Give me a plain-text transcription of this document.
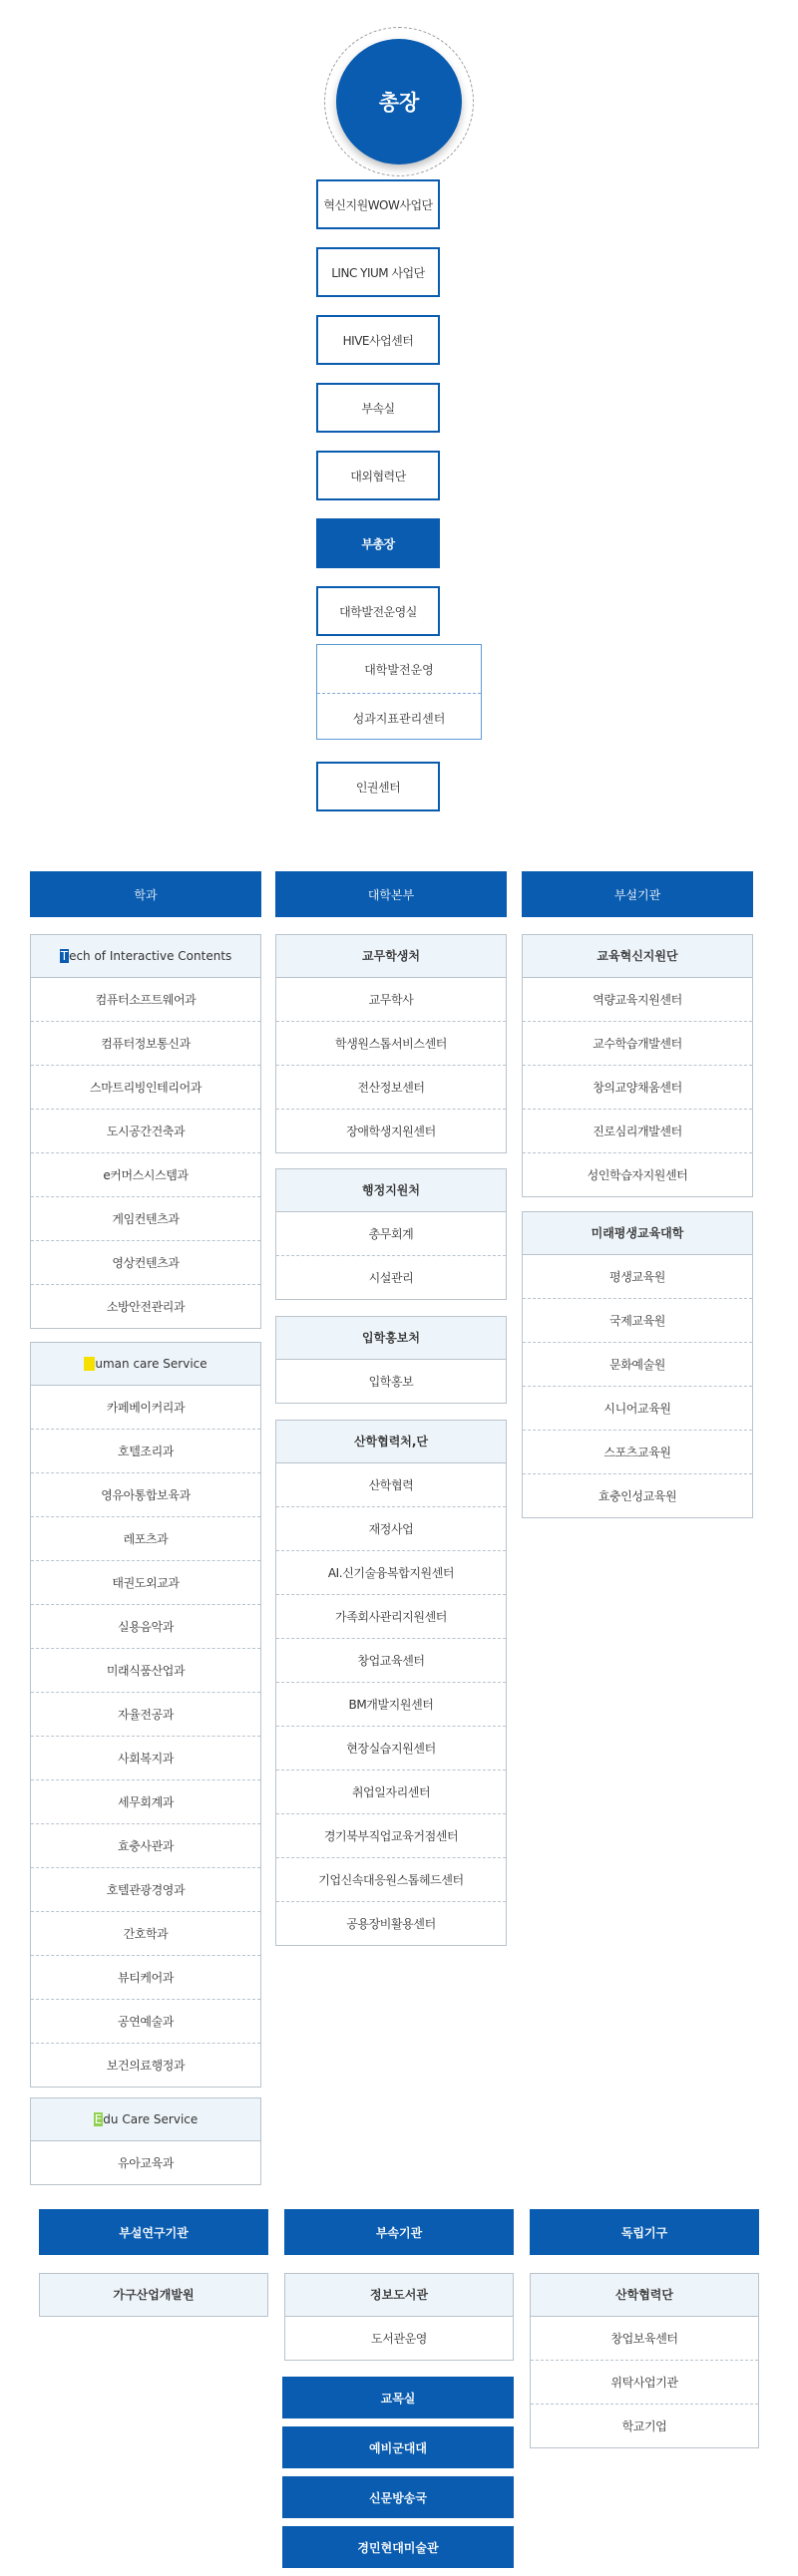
총장
혁신지원WOW사업단
LINC YIUM 사업단
HIVE사업센터
부속실
대외협력단
부총장
대학발전운영실
대학발전운영
성과지표관리센터
인권센터
학과	대학본부	부설기관
Tech of Interactive Contents
컴퓨터소프트웨어과
컴퓨터정보통신과
스마트리빙인테리어과
도시공간건축과
e커머스시스템과
게임컨텐츠과
영상컨텐츠과
소방안전관리과
Human care Service
카페베이커리과
호텔조리과
영유아통합보육과
레포츠과
태권도외교과
실용음악과
미래식품산업과
자율전공과
사회복지과
세무회계과
효충사관과
호텔관광경영과
간호학과
뷰티케어과
공연예술과
보건의료행정과
Edu Care Service
유아교육과
교무학생처
교무학사
학생원스톱서비스센터
전산정보센터
장애학생지원센터
행정지원처
총무회계
시설관리
입학홍보처
입학홍보
산학협력처,단
산학협력
재정사업
AI.신기술융복합지원센터
가족회사관리지원센터
창업교육센터
BM개발지원센터
현장실습지원센터
취업일자리센터
경기북부직업교육거점센터
기업신속대응원스톱헤드센터
공용장비활용센터
교육혁신지원단
역량교육지원센터
교수학습개발센터
창의교양채움센터
진로심리개발센터
성인학습자지원센터
미래평생교육대학
평생교육원
국제교육원
문화예술원
시니어교육원
스포츠교육원
효충인성교육원
부설연구기관	부속기관	독립기구
가구산업개발원	정보도서관
도서관운영
교목실
예비군대대
신문방송국
경민현대미술관
산학협력단
창업보육센터
위탁사업기관
학교기업
